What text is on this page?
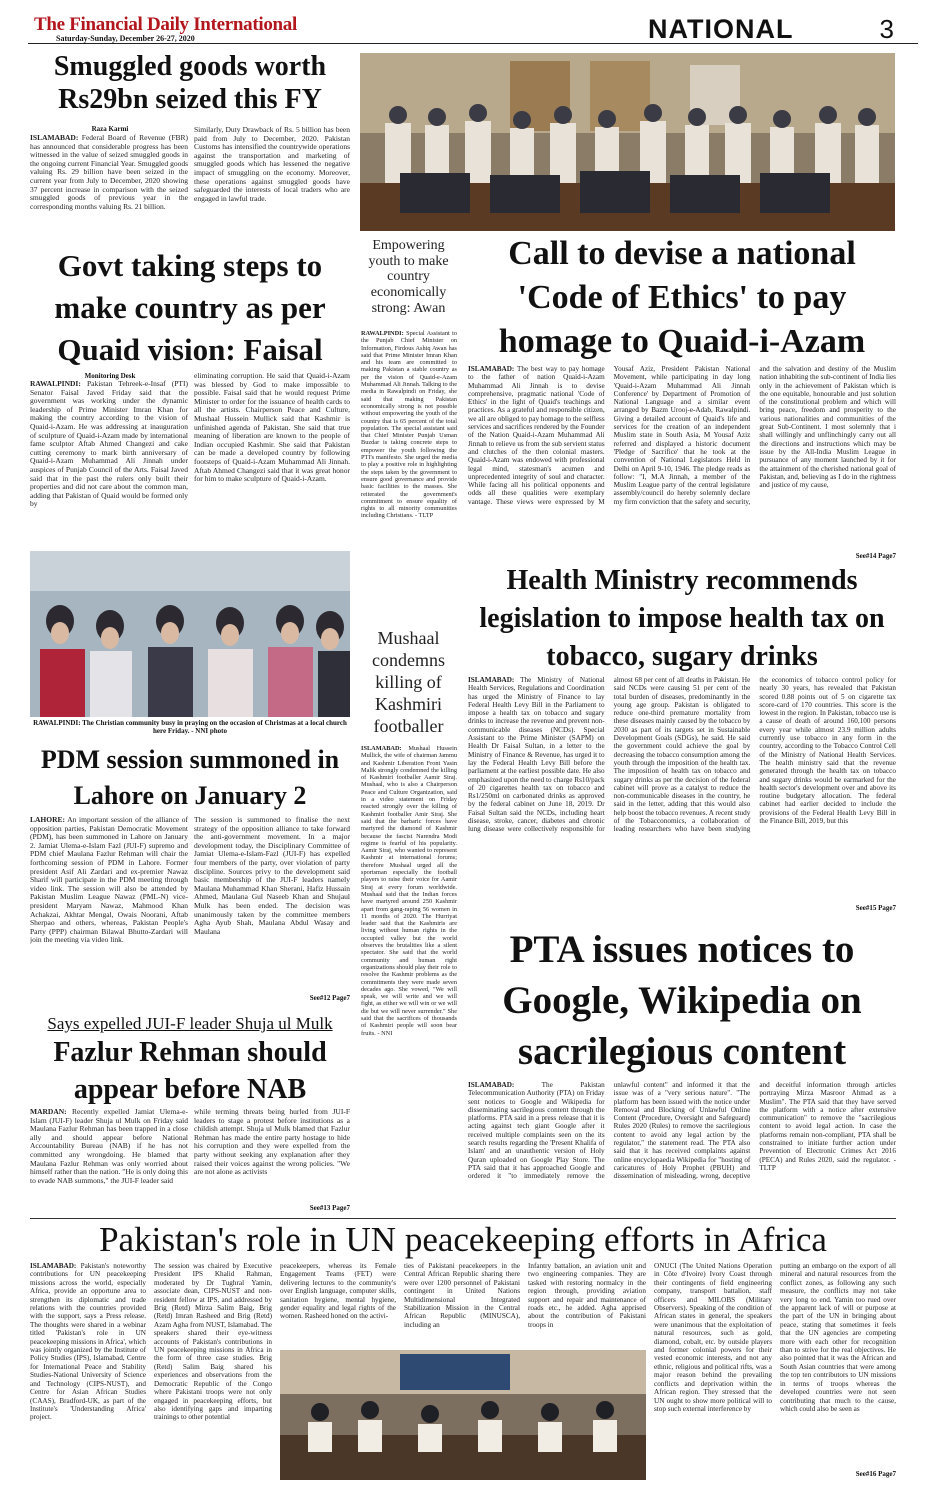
The Financial Daily International
Saturday-Sunday, December 26-27, 2020	NATIONAL	3
Smuggled goods worth Rs29bn seized this FY
Raza Karmi
ISLAMABAD: Federal Board of Revenue (FBR) has announced that considerable progress has been witnessed in the value of seized smuggled goods in the ongoing current Financial Year. Smuggled goods valuing Rs. 29 billion have been seized in the current year from July to December, 2020 showing 37 percent increase in comparison with the seized smuggled goods of previous year in the corresponding months valuing Rs. 21 billion.
Similarly, Duty Drawback of Rs. 5 billion has been paid from July to December, 2020. Pakistan Customs has intensified the countrywide operations against the transportation and marketing of smuggled goods which has lessened the negative impact of smuggling on the economy. Moreover, these operations against smuggled goods have safeguarded the interests of local traders who are engaged in lawful trade.
Govt taking steps to make country as per Quaid vision: Faisal
Monitoring Desk
RAWALPINDI: Pakistan Tehreek-e-Insaf (PTI) Senator Faisal Javed Friday said that the government was working under the dynamic leadership of Prime Minister Imran Khan for making the country according to the vision of Quaid-i-Azam. He was addressing at inauguration of sculpture of Quaid-i-Azam made by international fame sculptor Aftab Ahmed Changezi and cake cutting ceremony to mark birth anniversary of Quaid-i-Azam Muhammad Ali Jinnah under auspices of Punjab Council of the Arts. Faisal Javed said that in the past the rulers only built their properties and did not care about the common man, adding that Pakistan of Quaid would be formed only by
eliminating corruption. He said that Quaid-i-Azam was blessed by God to make impossible to possible. Faisal said that he would request Prime Minister to order for the issuance of health cards to all the artists. Chairperson Peace and Culture, Mushaal Hussein Mullick said that Kashmir is unfinished agenda of Pakistan. She said that true meaning of liberation are known to the people of Indian occupied Kashmir. She said that Pakistan can be made a developed country by following footsteps of Quaid-i-Azam Muhammad Ali Jinnah. Aftab Ahmed Changezi said that it was great honor for him to make sculpture of Quaid-i-Azam.
Empowering youth to make country economically strong: Awan
RAWALPINDI: Special Assistant to the Punjab Chief Minister on Information, Firdous Ashiq Awan has said that Prime Minister Imran Khan and his team are committed to making Pakistan a stable country as per the vision of Quaid-e-Azam Muhammad Ali Jinnah. Talking to the media in Rawalpindi on Friday, she said that making Pakistan economically strong is not possible without empowering the youth of the country that is 65 percent of the total population. The special assistant said that Chief Minister Punjab Usman Buzdar is taking concrete steps to empower the youth following the PTI's manifesto. She urged the media to play a positive role in highlighting the steps taken by the government to ensure good governance and provide basic facilities to the masses. She reiterated the government's commitment to ensure equality of rights to all minority communities including Christians. - TLTP
RAWALPINDI: The Christian community busy in praying on the occasion of Christmas at a local church here Friday. - NNI photo
Mushaal condemns killing of Kashmiri footballer
ISLAMABAD: Mushaal Hussein Mullick, the wife of chairman Jammu and Kashmir Liberation Front Yasin Malik strongly condemned the killing of Kashmiri footballer Aamir Siraj. Mushaal, who is also a Chairperson Peace and Culture Organization, said in a video statement on Friday reacted strongly over the killing of Kashmiri footballer Amir Siraj. She said that the barbaric forces have martyred the diamond of Kashmir because the fascist Narendra Modi regime is fearful of his popularity. Aamir Siraj, who wanted to represent Kashmir at international forums; therefore Mushaal urged all the sportsman especially the football players to raise their voice for Aamir Siraj at every forum worldwide. Mushaal said that the Indian forces have martyred around 250 Kashmir apart from gang-raping 56 women in 11 months of 2020. The Hurriyat leader said that the Kashmiris are living without human rights in the occupied valley but the world observes the brutalities like a silent spectator. She said that the world community and human right organizations should play their role to resolve the Kashmir problems as the commitments they were made seven decades ago. She vowed, "We will speak, we will write and we will fight, as either we will win or we will die but we will never surrender." She said that the sacrifices of thousands of Kashmiri people will soon bear fruits. - NNI
PDM session summoned in Lahore on January 2
LAHORE: An important session of the alliance of opposition parties, Pakistan Democratic Movement (PDM), has been summoned in Lahore on January 2. Jamiat Ulema-e-Islam Fazl (JUI-F) supremo and PDM chief Maulana Fazlur Rehman will chair the forthcoming session of PDM in Lahore. Former president Asif Ali Zardari and ex-premier Nawaz Sharif will participate in the PDM meeting through video link. The session will also be attended by Pakistan Muslim League Nawaz (PML-N) vice-president Maryam Nawaz, Mahmood Khan Achakzai, Akhtar Mengal, Owais Noorani, Aftab Sherpao and others, whereas, Pakistan People's Party (PPP) chairman Bilawal Bhutto-Zardari will join the meeting via video link.
The session is summoned to finalise the next strategy of the opposition alliance to take forward the anti-government movement. In a major development today, the Disciplinary Committee of Jamiat Ulema-e-Islam-Fazl (JUI-F) has expelled four members of the party, over violation of party discipline. Sources privy to the development said basic membership of the JUI-F leaders namely Maulana Muhammad Khan Sherani, Hafiz Hussain Ahmed, Maulana Gul Naseeb Khan and Shujaul Mulk has been ended. The decision was unanimously taken by the committee members Agha Ayub Shah, Maulana Abdul Wasay and Maulana
See#12 Page7
Says expelled JUI-F leader Shuja ul Mulk
Fazlur Rehman should appear before NAB
MARDAN: Recently expelled Jamiat Ulema-e-Islam (JUI-F) leader Shuja ul Mulk on Friday said Maulana Fazlur Rehman has been trapped in a close ally and should appear before National Accountability Bureau (NAB) if he has not committed any wrongdoing. He blamed that Maulana Fazlur Rehman was only worried about himself rather than the nation. "He is only doing this to evade NAB summons," the JUI-F leader said
while terming threats being hurled from JUI-F leaders to stage a protest before institutions as a childish attempt. Shuja ul Mulk blamed that Fazlur Rehman has made the entire party hostage to hide his corruption and they were expelled from the party without seeking any explanation after they raised their voices against the wrong policies. "We are not alone as activists
See#13 Page7
Call to devise a national 'Code of Ethics' to pay homage to Quaid-i-Azam
ISLAMABAD: The best way to pay homage to the father of nation Quaid-i-Azam Muhammad Ali Jinnah is to devise comprehensive, pragmatic national 'Code of Ethics' in the light of Quaid's teachings and practices. As a grateful and responsible citizen, we all are obliged to pay homage to the selfless services and sacrifices rendered by the Founder of the Nation Quaid-i-Azam Muhammad Ali Jinnah to relieve us from the sub servient status and clutches of the then colonial masters. Quaid-i-Azam was endowed with professional legal mind, statesman's acumen and unprecedented integrity of soul and character. While facing all his political opponents and odds all these qualities were exemplary vantage. These views were expressed by M Yousaf Aziz, President Pakistan National Movement, while participating in day long 'Quaid-i-Azam Muhammad Ali Jinnah Conference' by Department of Promotion of National Language and a similar event arranged by Bazm Urooj-e-Adab, Rawalpindi. Giving a detailed account of Quaid's life and services for the creation of an independent Muslim state in South Asia, M Yousaf Aziz referred and displayed a historic document 'Pledge of Sacrifice' that he took at the convention of National Legislators Held in Delhi on April 9-10, 1946. The pledge reads as follow: "I, M.A Jinnah, a member of the Muslim League party of the central legislature assembly/council do hereby solemnly declare my firm conviction that the safety and security, and the salvation and destiny of the Muslim nation inhabiting the sub-continent of India lies only in the achievement of Pakistan which is the one equitable, honourable and just solution of the constitutional problem and which will bring peace, freedom and prosperity to the various nationalities and communities of the great Sub-Continent. I most solemnly that i shall willingly and unflinchingly carry out all the directions and instructions which may be issue by the All-India Muslim League in pursuance of any moment launched by it for the attainment of the cherished national goal of Pakistan, and, believing as I do in the rightness and justice of my cause,
See#14 Page7
Health Ministry recommends legislation to impose health tax on tobacco, sugary drinks
ISLAMABAD: The Ministry of National Health Services, Regulations and Coordination has urged the Ministry of Finance to lay Federal Health Levy Bill in the Parliament to impose a health tax on tobacco and sugary drinks to increase the revenue and prevent non-communicable diseases (NCDs). Special Assistant to the Prime Minister (SAPM) on Health Dr Faisal Sultan, in a letter to the Ministry of Finance & Revenue, has urged it to lay the Federal Health Levy Bill before the parliament at the earliest possible date. He also emphasized upon the need to charge Rs10/pack of 20 cigarettes health tax on tobacco and Rs1/250ml on carbonated drinks as approved by the federal cabinet on June 18, 2019. Dr Faisal Sultan said the NCDs, including heart disease, stroke, cancer, diabetes and chronic lung disease were collectively responsible for almost 68 per cent of all deaths in Pakistan. He said NCDs were causing 51 per cent of the total burden of diseases, predominantly in the young age group. Pakistan is obligated to reduce one-third premature mortality from these diseases mainly caused by the tobacco by 2030 as part of its targets set in Sustainable Development Goals (SDGs), he said. He said the government could achieve the goal by decreasing the tobacco consumption among the youth through the imposition of the health tax. The imposition of health tax on tobacco and sugary drinks as per the decision of the federal cabinet will prove as a catalyst to reduce the non-communicable diseases in the country, he said in the letter, adding that this would also help boost the tobacco revenues. A recent study of the Tobacconomics, a collaboration of leading researchers who have been studying the economics of tobacco control policy for nearly 30 years, has revealed that Pakistan scored 0.88 points out of 5 on cigarette tax score-card of 170 countries. This score is the lowest in the region. In Pakistan, tobacco use is a cause of death of around 160,100 persons every year while almost 23.9 million adults currently use tobacco in any form in the country, according to the Tobacco Control Cell of the Ministry of National Health Services. The health ministry said that the revenue generated through the health tax on tobacco and sugary drinks would be earmarked for the health sector's development over and above its routine budgetary allocation. The federal cabinet had earlier decided to include the provisions of the Federal Health Levy Bill in the Finance Bill, 2019, but this
See#15 Page7
PTA issues notices to Google, Wikipedia on sacrilegious content
ISLAMABAD:	The Pakistan Telecommunication Authority (PTA) on Friday sent notices to Google and Wikipedia for disseminating sacrilegious content through the platforms. PTA said in a press release that it is acting against tech giant Google after it received multiple complaints seen on the its search results regarding the 'Present Khalifa of Islam' and an unauthentic version of Holy Quran uploaded on Google Play Store. The PTA said that it has approached Google and ordered it "to immediately remove the unlawful content" and informed it that the issue was of a "very serious nature". "The platform has been issued with the notice under Removal and Blocking of Unlawful Online Content (Procedure, Oversight and Safeguard) Rules 2020 (Rules) to remove the sacrilegious content to avoid any legal action by the regulator," the statement read. The PTA also said that it has received complaints against online encyclopaedia Wikipedia for "hosting of caricatures of Holy Prophet (PBUH) and dissemination of misleading, wrong, deceptive and deceitful information through articles portraying Mirza Masroor Ahmad as a Muslim". The PTA said that they have served the platform with a notice after extensive communication" to remove the "sacrilegious content to avoid legal action. In case the platforms remain non-compliant, PTA shall be constrained to initiate further action under Prevention of Electronic Crimes Act 2016 (PECA) and Rules 2020, said the regulator. - TLTP
Pakistan's role in UN peacekeeping efforts in Africa
ISLAMABAD: Pakistan's noteworthy contributions for UN peacekeeping missions across the world, especially Africa, provide an opportune area to strengthen its diplomatic and trade relations with the countries provided with the support, says a Press release. The thoughts were shared in a webinar titled 'Pakistan's role in UN peacekeeping missions in Africa', which was jointly organized by the Institute of Policy Studies (IPS), Islamabad, Centre for International Peace and Stability Studies-National University of Science and Technology (CIPS-NUST), and Centre for Asian African Studies (CAAS), Bradford-UK, as part of the Institute's 'Understanding Africa' project.
The session was chaired by Executive President IPS Khalid Rahman, moderated by Dr Tughral Yamin, associate dean, CIPS-NUST and non-resident fellow at IPS, and addressed by Brig (Retd) Mirza Salim Baig, Brig (Retd) Imran Rasheed and Brig (Retd) Azam Agha from NUST, Islamabad. The speakers shared their eye-witness accounts of Pakistan's contributions in UN peacekeeping missions in Africa in the form of three case studies. Brig (Retd) Salim Baig shared his experiences and observations from the Democratic Republic of the Congo where Pakistani troops were not only engaged in peacekeeping efforts, but also identifying gaps and imparting trainings to other potential
peacekeepers, whereas its Female Engagement Teams (FET) were delivering lectures to the community's over English language, computer skills, sanitation hygiene, mental hygiene, gender equality and legal rights of the women. Rasheed honed on the activi-
ties of Pakistani peacekeepers in the Central African Republic sharing there were over 1200 personnel of Pakistani contingent in United Nations Multidimensional Integrated Stabilization Mission in the Central African Republic (MINUSCA), including an
Infantry battalion, an aviation unit and two engineering companies. They are tasked with restoring normalcy in the region through, providing aviation support and repair and maintenance of roads etc., he added. Agha apprised about the contribution of Pakistani troops in
ONUCI (The United Nations Operation in Côte d'Ivoire) Ivory Coast through their contingents of field engineering company, transport battalion, staff officers and MILOBS (Military Observers). Speaking of the condition of African states in general, the speakers were unanimous that the exploitation of natural resources, such as gold, diamond, cobalt, etc. by outside players and former colonial powers for their vested economic interests, and not any ethnic, religious and political rifts, was a major reason behind the prevailing conflicts and deprivation within the African region. They stressed that the UN ought to show more political will to stop such external interference by
putting an embargo on the export of all mineral and natural resources from the conflict zones, as following any such measure, the conflicts may not take very long to end. Yamin too rued over the apparent lack of will or purpose at the part of the UN in bringing about peace, stating that sometimes it feels that the UN agencies are competing more with each other for recognition than to strive for the real objectives. He also pointed that it was the African and South Asian countries that were among the top ten contributors to UN missions in terms of troops whereas the developed countries were not seen contributing that much to the cause, which could also be seen as
See#16 Page7
